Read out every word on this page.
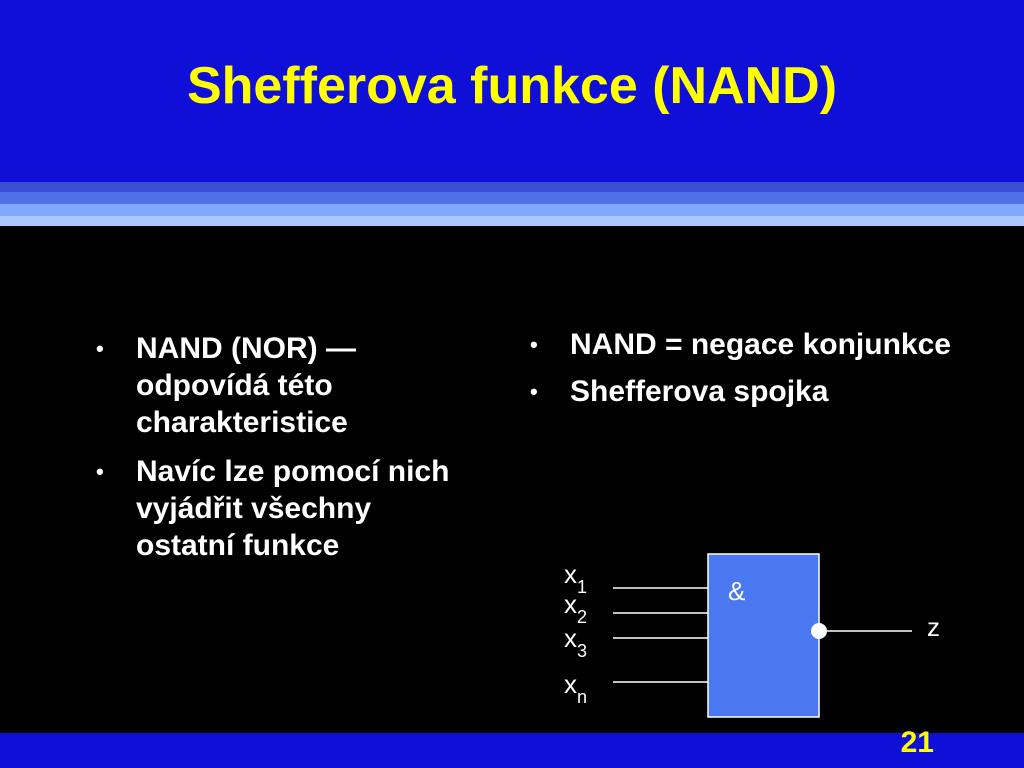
Shefferova funkce (NAND)
• NAND (NOR) — odpovídá této charakteristice
• Navíc lze pomocí nich vyjádřit všechny ostatní funkce
• NAND = negace konjunkce
• Shefferova spojka
&
$x_1$
$x_2$
$x_3$
$x_n$
z
21
